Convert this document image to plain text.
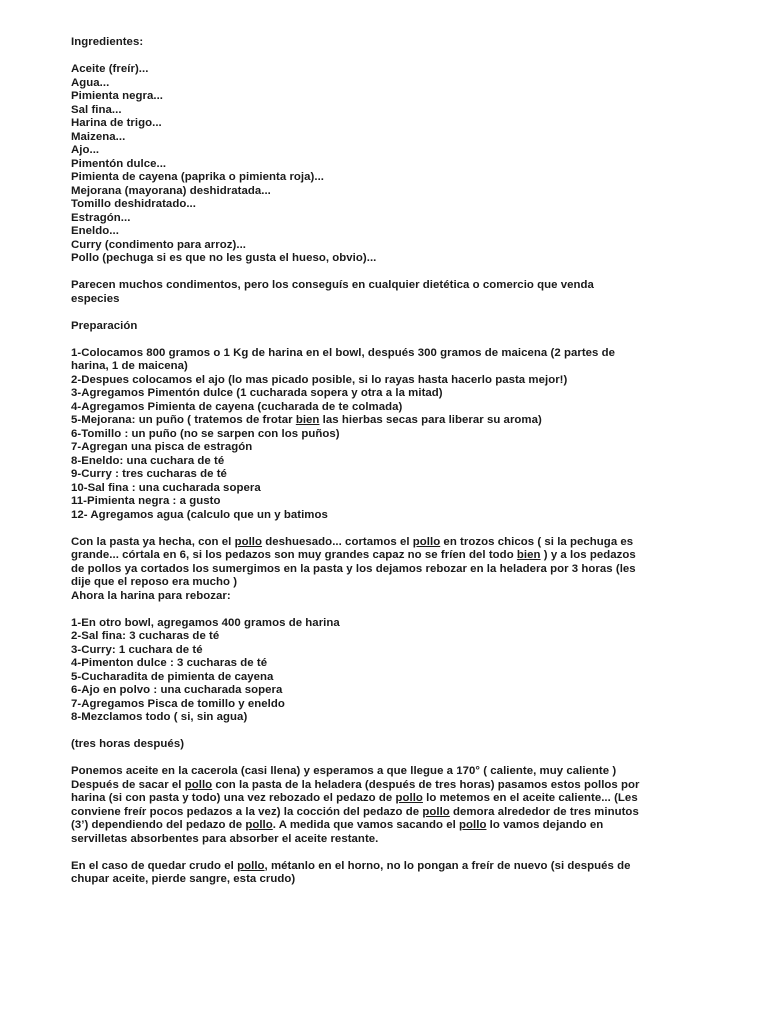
Ingredientes:
Aceite (freír)...
Agua...
Pimienta negra...
Sal fina...
Harina de trigo...
Maizena...
Ajo...
Pimentón dulce...
Pimienta de cayena (paprika o pimienta roja)...
Mejorana (mayorana) deshidratada...
Tomillo deshidratado...
Estragón...
Eneldo...
Curry (condimento para arroz)...
Pollo (pechuga si es que no les gusta el hueso, obvio)...
Parecen muchos condimentos, pero los conseguís en cualquier dietética o comercio que venda
especies
Preparación
1-Colocamos 800 gramos o 1 Kg de harina en el bowl, después 300 gramos de maicena (2 partes de
harina, 1 de maicena)
2-Despues colocamos el ajo (lo mas picado posible, si lo rayas hasta hacerlo pasta mejor!)
3-Agregamos Pimentón dulce (1 cucharada sopera y otra a la mitad)
4-Agregamos Pimienta de cayena (cucharada de te colmada)
5-Mejorana: un puño ( tratemos de frotar bien las hierbas secas para liberar su aroma)
6-Tomillo : un puño (no se sarpen con los puños)
7-Agregan una pisca de estragón
8-Eneldo: una cuchara de té
9-Curry : tres cucharas de té
10-Sal fina : una cucharada sopera
11-Pimienta negra : a gusto
12- Agregamos agua (calculo que un y batimos
Con la pasta ya hecha, con el pollo deshuesado... cortamos el pollo en trozos chicos ( si la pechuga es
grande... córtala en 6, si los pedazos son muy grandes capaz no se fríen del todo bien ) y a los pedazos
de pollos ya cortados los sumergimos en la pasta y los dejamos rebozar en la heladera por 3 horas (les
dije que el reposo era mucho )
Ahora la harina para rebozar:
1-En otro bowl, agregamos 400 gramos de harina
2-Sal fina: 3 cucharas de té
3-Curry: 1 cuchara de té
4-Pimenton dulce : 3 cucharas de té
5-Cucharadita de pimienta de cayena
6-Ajo en polvo : una cucharada sopera
7-Agregamos Pisca de tomillo y eneldo
8-Mezclamos todo ( si, sin agua)
(tres horas después)
Ponemos aceite en la cacerola (casi llena) y esperamos a que llegue a 170° ( caliente, muy caliente )
Después de sacar el pollo con la pasta de la heladera (después de tres horas) pasamos estos pollos por
harina (si con pasta y todo) una vez rebozado el pedazo de pollo lo metemos en el aceite caliente... (Les
conviene freír pocos pedazos a la vez) la cocción del pedazo de pollo demora alrededor de tres minutos
(3’) dependiendo del pedazo de pollo. A medida que vamos sacando el pollo lo vamos dejando en
servilletas absorbentes para absorber el aceite restante.
En el caso de quedar crudo el pollo, métanlo en el horno, no lo pongan a freír de nuevo (si después de
chupar aceite, pierde sangre, esta crudo)
